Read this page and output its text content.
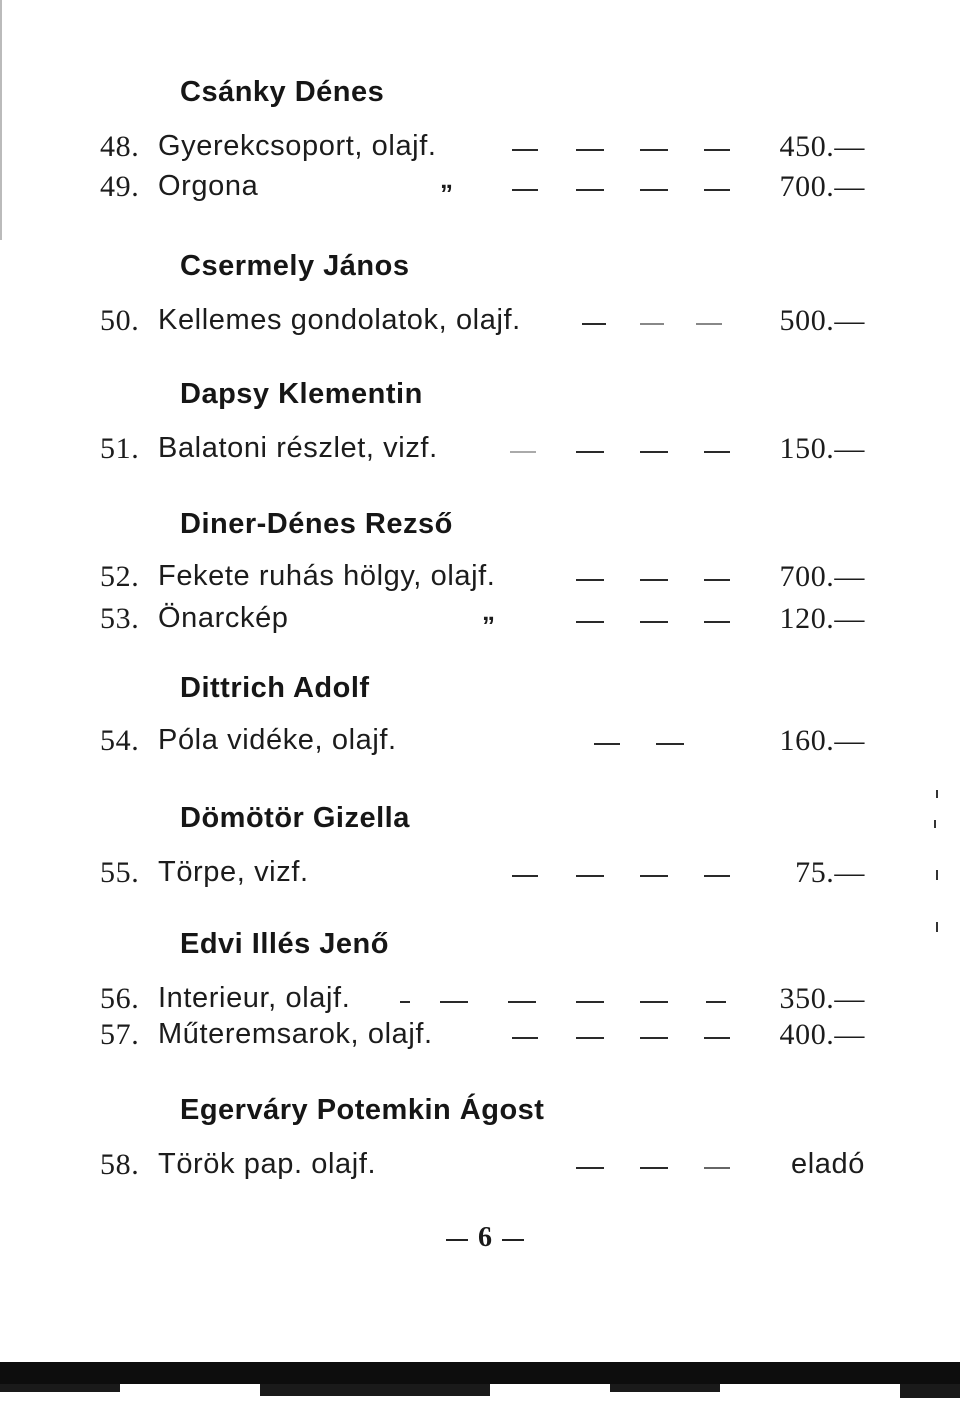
Csánky Dénes
48. Gyerekcsoport, olajf.	450.—
49. Orgona	„	700.—
Csermely János
50. Kellemes gondolatok, olajf.	500.—
Dapsy Klementin
51. Balatoni részlet, vizf.	150.—
Diner-Dénes Rezső
52. Fekete ruhás hölgy, olajf.	700.—
53. Önarckép	„	120.—
Dittrich Adolf
54. Póla vidéke, olajf.	160.—
Dömötör Gizella
55. Törpe, vizf.	75.—
Edvi Illés Jenő
56. Interieur, olajf.	350.—
57. Műteremsarok, olajf.	400.—
Egerváry Potemkin Ágost
58. Török pap. olajf.	eladó
6
